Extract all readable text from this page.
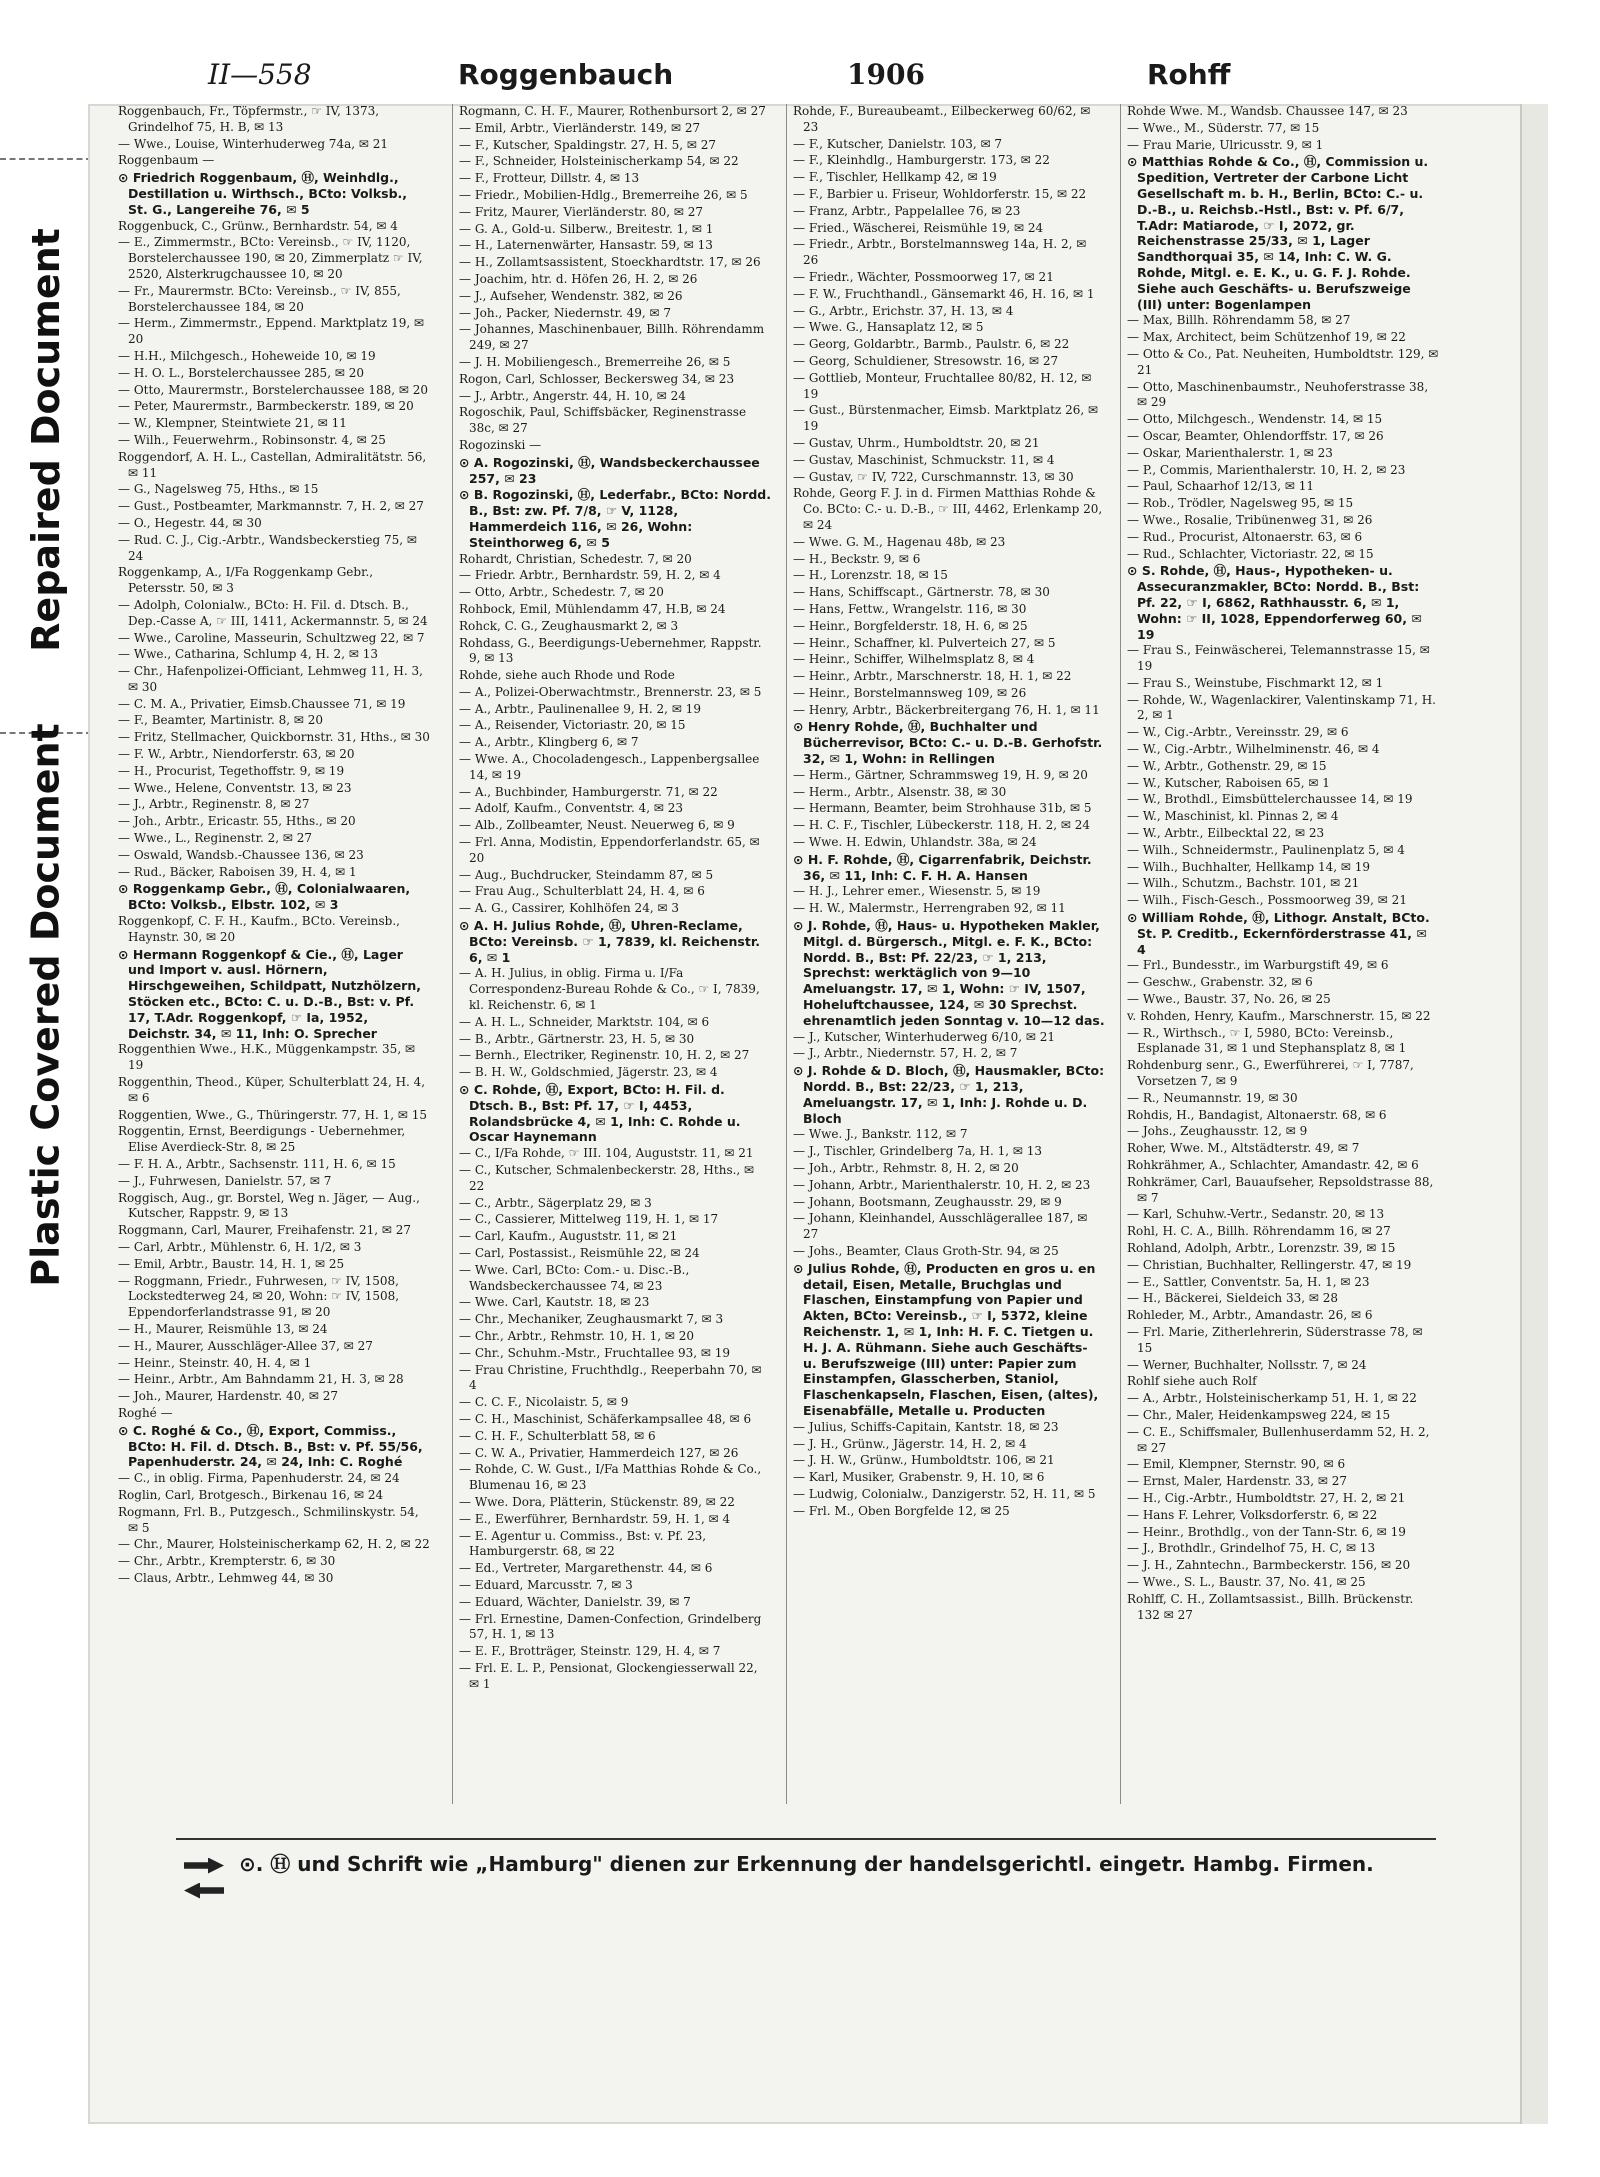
Repaired Document
Plastic Covered Document
II—558	Roggenbauch	1906	Rohff
Roggenbauch, Fr., Töpfermstr., ☞ IV, 1373, Grindelhof 75, H. B, ✉ 13
— Wwe., Louise, Winterhuderweg 74a, ✉ 21
Roggenbaum —
⊙ Friedrich Roggenbaum, Ⓗ, Weinhdlg., Destillation u. Wirthsch., BCto: Volksb., St. G., Langereihe 76, ✉ 5
Roggenbuck, C., Grünw., Bernhardstr. 54, ✉ 4
— E., Zimmermstr., BCto: Vereinsb., ☞ IV, 1120, Borstelerchaussee 190, ✉ 20, Zimmerplatz ☞ IV, 2520, Alsterkrugchaussee 10, ✉ 20
— Fr., Maurermstr. BCto: Vereinsb., ☞ IV, 855, Borstelerchaussee 184, ✉ 20
— Herm., Zimmermstr., Eppend. Marktplatz 19, ✉ 20
— H.H., Milchgesch., Hoheweide 10, ✉ 19
— H. O. L., Borstelerchaussee 285, ✉ 20
— Otto, Maurermstr., Borstelerchaussee 188, ✉ 20
— Peter, Maurermstr., Barmbeckerstr. 189, ✉ 20
— W., Klempner, Steintwiete 21, ✉ 11
— Wilh., Feuerwehrm., Robinsonstr. 4, ✉ 25
Roggendorf, A. H. L., Castellan, Admiralitätstr. 56, ✉ 11
— G., Nagelsweg 75, Hths., ✉ 15
— Gust., Postbeamter, Markmannstr. 7, H. 2, ✉ 27
— O., Hegestr. 44, ✉ 30
— Rud. C. J., Cig.-Arbtr., Wandsbeckerstieg 75, ✉ 24
Roggenkamp, A., I/Fa Roggenkamp Gebr., Petersstr. 50, ✉ 3
— Adolph, Colonialw., BCto: H. Fil. d. Dtsch. B., Dep.-Casse A, ☞ III, 1411, Ackermannstr. 5, ✉ 24
— Wwe., Caroline, Masseurin, Schultzweg 22, ✉ 7
— Wwe., Catharina, Schlump 4, H. 2, ✉ 13
— Chr., Hafenpolizei-Officiant, Lehmweg 11, H. 3, ✉ 30
— C. M. A., Privatier, Eimsb.Chaussee 71, ✉ 19
— F., Beamter, Martinistr. 8, ✉ 20
— Fritz, Stellmacher, Quickbornstr. 31, Hths., ✉ 30
— F. W., Arbtr., Niendorferstr. 63, ✉ 20
— H., Procurist, Tegethoffstr. 9, ✉ 19
— Wwe., Helene, Conventstr. 13, ✉ 23
— J., Arbtr., Reginenstr. 8, ✉ 27
— Joh., Arbtr., Ericastr. 55, Hths., ✉ 20
— Wwe., L., Reginenstr. 2, ✉ 27
— Oswald, Wandsb.-Chaussee 136, ✉ 23
— Rud., Bäcker, Raboisen 39, H. 4, ✉ 1
⊙ Roggenkamp Gebr., Ⓗ, Colonialwaaren, BCto: Volksb., Elbstr. 102, ✉ 3
Roggenkopf, C. F. H., Kaufm., BCto. Vereinsb., Haynstr. 30, ✉ 20
⊙ Hermann Roggenkopf & Cie., Ⓗ, Lager und Import v. ausl. Hörnern, Hirschgeweihen, Schildpatt, Nutzhölzern, Stöcken etc., BCto: C. u. D.-B., Bst: v. Pf. 17, T.Adr. Roggenkopf, ☞ Ia, 1952, Deichstr. 34, ✉ 11, Inh: O. Sprecher
Roggenthien Wwe., H.K., Müggenkampstr. 35, ✉ 19
Roggenthin, Theod., Küper, Schulterblatt 24, H. 4, ✉ 6
Roggentien, Wwe., G., Thüringerstr. 77, H. 1, ✉ 15
Roggentin, Ernst, Beerdigungs - Uebernehmer, Elise Averdieck-Str. 8, ✉ 25
— F. H. A., Arbtr., Sachsenstr. 111, H. 6, ✉ 15
— J., Fuhrwesen, Danielstr. 57, ✉ 7
Roggisch, Aug., gr. Borstel, Weg n. Jäger, — Aug., Kutscher, Rappstr. 9, ✉ 13
Roggmann, Carl, Maurer, Freihafenstr. 21, ✉ 27
— Carl, Arbtr., Mühlenstr. 6, H. 1/2, ✉ 3
— Emil, Arbtr., Baustr. 14, H. 1, ✉ 25
— Roggmann, Friedr., Fuhrwesen, ☞ IV, 1508, Lockstedterweg 24, ✉ 20, Wohn: ☞ IV, 1508, Eppendorferlandstrasse 91, ✉ 20
— H., Maurer, Reismühle 13, ✉ 24
— H., Maurer, Ausschläger-Allee 37, ✉ 27
— Heinr., Steinstr. 40, H. 4, ✉ 1
— Heinr., Arbtr., Am Bahndamm 21, H. 3, ✉ 28
— Joh., Maurer, Hardenstr. 40, ✉ 27
Roghé —
⊙ C. Roghé & Co., Ⓗ, Export, Commiss., BCto: H. Fil. d. Dtsch. B., Bst: v. Pf. 55/56, Papenhuderstr. 24, ✉ 24, Inh: C. Roghé
— C., in oblig. Firma, Papenhuderstr. 24, ✉ 24
Roglin, Carl, Brotgesch., Birkenau 16, ✉ 24
Rogmann, Frl. B., Putzgesch., Schmilinskystr. 54, ✉ 5
— Chr., Maurer, Holsteinischerkamp 62, H. 2, ✉ 22
— Chr., Arbtr., Krempterstr. 6, ✉ 30
— Claus, Arbtr., Lehmweg 44, ✉ 30
Rogmann, C. H. F., Maurer, Rothenbursort 2, ✉ 27
— Emil, Arbtr., Vierländerstr. 149, ✉ 27
— F., Kutscher, Spaldingstr. 27, H. 5, ✉ 27
— F., Schneider, Holsteinischerkamp 54, ✉ 22
— F., Frotteur, Dillstr. 4, ✉ 13
— Friedr., Mobilien-Hdlg., Bremerreihe 26, ✉ 5
— Fritz, Maurer, Vierländerstr. 80, ✉ 27
— G. A., Gold-u. Silberw., Breitestr. 1, ✉ 1
— H., Laternenwärter, Hansastr. 59, ✉ 13
— H., Zollamtsassistent, Stoeckhardtstr. 17, ✉ 26
— Joachim, htr. d. Höfen 26, H. 2, ✉ 26
— J., Aufseher, Wendenstr. 382, ✉ 26
— Joh., Packer, Niedernstr. 49, ✉ 7
— Johannes, Maschinenbauer, Billh. Röhrendamm 249, ✉ 27
— J. H. Mobiliengesch., Bremerreihe 26, ✉ 5
Rogon, Carl, Schlosser, Beckersweg 34, ✉ 23
— J., Arbtr., Angerstr. 44, H. 10, ✉ 24
Rogoschik, Paul, Schiffsbäcker, Reginenstrasse 38c, ✉ 27
Rogozinski —
⊙ A. Rogozinski, Ⓗ, Wandsbeckerchaussee 257, ✉ 23
⊙ B. Rogozinski, Ⓗ, Lederfabr., BCto: Nordd. B., Bst: zw. Pf. 7/8, ☞ V, 1128, Hammerdeich 116, ✉ 26, Wohn: Steinthorweg 6, ✉ 5
Rohardt, Christian, Schedestr. 7, ✉ 20
— Friedr. Arbtr., Bernhardstr. 59, H. 2, ✉ 4
— Otto, Arbtr., Schedestr. 7, ✉ 20
Rohbock, Emil, Mühlendamm 47, H.B, ✉ 24
Rohck, C. G., Zeughausmarkt 2, ✉ 3
Rohdass, G., Beerdigungs-Uebernehmer, Rappstr. 9, ✉ 13
Rohde, siehe auch Rhode und Rode
— A., Polizei-Oberwachtmstr., Brennerstr. 23, ✉ 5
— A., Arbtr., Paulinenallee 9, H. 2, ✉ 19
— A., Reisender, Victoriastr. 20, ✉ 15
— A., Arbtr., Klingberg 6, ✉ 7
— Wwe. A., Chocoladengesch., Lappenbergsallee 14, ✉ 19
— A., Buchbinder, Hamburgerstr. 71, ✉ 22
— Adolf, Kaufm., Conventstr. 4, ✉ 23
— Alb., Zollbeamter, Neust. Neuerweg 6, ✉ 9
— Frl. Anna, Modistin, Eppendorferlandstr. 65, ✉ 20
— Aug., Buchdrucker, Steindamm 87, ✉ 5
— Frau Aug., Schulterblatt 24, H. 4, ✉ 6
— A. G., Cassirer, Kohlhöfen 24, ✉ 3
⊙ A. H. Julius Rohde, Ⓗ, Uhren-Reclame, BCto: Vereinsb. ☞ 1, 7839, kl. Reichenstr. 6, ✉ 1
— A. H. Julius, in oblig. Firma u. I/Fa Correspondenz-Bureau Rohde & Co., ☞ I, 7839, kl. Reichenstr. 6, ✉ 1
— A. H. L., Schneider, Marktstr. 104, ✉ 6
— B., Arbtr., Gärtnerstr. 23, H. 5, ✉ 30
— Bernh., Electriker, Reginenstr. 10, H. 2, ✉ 27
— B. H. W., Goldschmied, Jägerstr. 23, ✉ 4
⊙ C. Rohde, Ⓗ, Export, BCto: H. Fil. d. Dtsch. B., Bst: Pf. 17, ☞ I, 4453, Rolandsbrücke 4, ✉ 1, Inh: C. Rohde u. Oscar Haynemann
— C., I/Fa Rohde, ☞ III. 104, Auguststr. 11, ✉ 21
— C., Kutscher, Schmalenbeckerstr. 28, Hths., ✉ 22
— C., Arbtr., Sägerplatz 29, ✉ 3
— C., Cassierer, Mittelweg 119, H. 1, ✉ 17
— Carl, Kaufm., Auguststr. 11, ✉ 21
— Carl, Postassist., Reismühle 22, ✉ 24
— Wwe. Carl, BCto: Com.- u. Disc.-B., Wandsbeckerchaussee 74, ✉ 23
— Wwe. Carl, Kautstr. 18, ✉ 23
— Chr., Mechaniker, Zeughausmarkt 7, ✉ 3
— Chr., Arbtr., Rehmstr. 10, H. 1, ✉ 20
— Chr., Schuhm.-Mstr., Fruchtallee 93, ✉ 19
— Frau Christine, Fruchthdlg., Reeperbahn 70, ✉ 4
— C. C. F., Nicolaistr. 5, ✉ 9
— C. H., Maschinist, Schäferkampsallee 48, ✉ 6
— C. H. F., Schulterblatt 58, ✉ 6
— C. W. A., Privatier, Hammerdeich 127, ✉ 26
— Rohde, C. W. Gust., I/Fa Matthias Rohde & Co., Blumenau 16, ✉ 23
— Wwe. Dora, Plätterin, Stückenstr. 89, ✉ 22
— E., Ewerführer, Bernhardstr. 59, H. 1, ✉ 4
— E. Agentur u. Commiss., Bst: v. Pf. 23, Hamburgerstr. 68, ✉ 22
— Ed., Vertreter, Margarethenstr. 44, ✉ 6
— Eduard, Marcusstr. 7, ✉ 3
— Eduard, Wächter, Danielstr. 39, ✉ 7
— Frl. Ernestine, Damen-Confection, Grindelberg 57, H. 1, ✉ 13
— E. F., Brotträger, Steinstr. 129, H. 4, ✉ 7
— Frl. E. L. P., Pensionat, Glockengiesserwall 22, ✉ 1
Rohde, F., Bureaubeamt., Eilbeckerweg 60/62, ✉ 23
— F., Kutscher, Danielstr. 103, ✉ 7
— F., Kleinhdlg., Hamburgerstr. 173, ✉ 22
— F., Tischler, Hellkamp 42, ✉ 19
— F., Barbier u. Friseur, Wohldorferstr. 15, ✉ 22
— Franz, Arbtr., Pappelallee 76, ✉ 23
— Fried., Wäscherei, Reismühle 19, ✉ 24
— Friedr., Arbtr., Borstelmannsweg 14a, H. 2, ✉ 26
— Friedr., Wächter, Possmoorweg 17, ✉ 21
— F. W., Fruchthandl., Gänsemarkt 46, H. 16, ✉ 1
— G., Arbtr., Erichstr. 37, H. 13, ✉ 4
— Wwe. G., Hansaplatz 12, ✉ 5
— Georg, Goldarbtr., Barmb., Paulstr. 6, ✉ 22
— Georg, Schuldiener, Stresowstr. 16, ✉ 27
— Gottlieb, Monteur, Fruchtallee 80/82, H. 12, ✉ 19
— Gust., Bürstenmacher, Eimsb. Marktplatz 26, ✉ 19
— Gustav, Uhrm., Humboldtstr. 20, ✉ 21
— Gustav, Maschinist, Schmuckstr. 11, ✉ 4
— Gustav, ☞ IV, 722, Curschmannstr. 13, ✉ 30
Rohde, Georg F. J. in d. Firmen Matthias Rohde & Co. BCto: C.- u. D.-B., ☞ III, 4462, Erlenkamp 20, ✉ 24
— Wwe. G. M., Hagenau 48b, ✉ 23
— H., Beckstr. 9, ✉ 6
— H., Lorenzstr. 18, ✉ 15
— Hans, Schiffscapt., Gärtnerstr. 78, ✉ 30
— Hans, Fettw., Wrangelstr. 116, ✉ 30
— Heinr., Borgfelderstr. 18, H. 6, ✉ 25
— Heinr., Schaffner, kl. Pulverteich 27, ✉ 5
— Heinr., Schiffer, Wilhelmsplatz 8, ✉ 4
— Heinr., Arbtr., Marschnerstr. 18, H. 1, ✉ 22
— Heinr., Borstelmannsweg 109, ✉ 26
— Henry, Arbtr., Bäckerbreitergang 76, H. 1, ✉ 11
⊙ Henry Rohde, Ⓗ, Buchhalter und Bücherrevisor, BCto: C.- u. D.-B. Gerhofstr. 32, ✉ 1, Wohn: in Rellingen
— Herm., Gärtner, Schrammsweg 19, H. 9, ✉ 20
— Herm., Arbtr., Alsenstr. 38, ✉ 30
— Hermann, Beamter, beim Strohhause 31b, ✉ 5
— H. C. F., Tischler, Lübeckerstr. 118, H. 2, ✉ 24
— Wwe. H. Edwin, Uhlandstr. 38a, ✉ 24
⊙ H. F. Rohde, Ⓗ, Cigarrenfabrik, Deichstr. 36, ✉ 11, Inh: C. F. H. A. Hansen
— H. J., Lehrer emer., Wiesenstr. 5, ✉ 19
— H. W., Malermstr., Herrengraben 92, ✉ 11
⊙ J. Rohde, Ⓗ, Haus- u. Hypotheken Makler, Mitgl. d. Bürgersch., Mitgl. e. F. K., BCto: Nordd. B., Bst: Pf. 22/23, ☞ 1, 213, Sprechst: werktäglich von 9—10 Ameluangstr. 17, ✉ 1, Wohn: ☞ IV, 1507, Hoheluftchaussee, 124, ✉ 30 Sprechst. ehrenamtlich jeden Sonntag v. 10—12 das.
— J., Kutscher, Winterhuderweg 6/10, ✉ 21
— J., Arbtr., Niedernstr. 57, H. 2, ✉ 7
⊙ J. Rohde & D. Bloch, Ⓗ, Hausmakler, BCto: Nordd. B., Bst: 22/23, ☞ 1, 213, Ameluangstr. 17, ✉ 1, Inh: J. Rohde u. D. Bloch
— Wwe. J., Bankstr. 112, ✉ 7
— J., Tischler, Grindelberg 7a, H. 1, ✉ 13
— Joh., Arbtr., Rehmstr. 8, H. 2, ✉ 20
— Johann, Arbtr., Marienthalerstr. 10, H. 2, ✉ 23
— Johann, Bootsmann, Zeughausstr. 29, ✉ 9
— Johann, Kleinhandel, Ausschlägerallee 187, ✉ 27
— Johs., Beamter, Claus Groth-Str. 94, ✉ 25
⊙ Julius Rohde, Ⓗ, Producten en gros u. en detail, Eisen, Metalle, Bruchglas und Flaschen, Einstampfung von Papier und Akten, BCto: Vereinsb., ☞ I, 5372, kleine Reichenstr. 1, ✉ 1, Inh: H. F. C. Tietgen u. H. J. A. Rühmann. Siehe auch Geschäfts- u. Berufszweige (III) unter: Papier zum Einstampfen, Glasscherben, Staniol, Flaschenkapseln, Flaschen, Eisen, (altes), Eisenabfälle, Metalle u. Producten
— Julius, Schiffs-Capitain, Kantstr. 18, ✉ 23
— J. H., Grünw., Jägerstr. 14, H. 2, ✉ 4
— J. H. W., Grünw., Humboldtstr. 106, ✉ 21
— Karl, Musiker, Grabenstr. 9, H. 10, ✉ 6
— Ludwig, Colonialw., Danzigerstr. 52, H. 11, ✉ 5
— Frl. M., Oben Borgfelde 12, ✉ 25
Rohde Wwe. M., Wandsb. Chaussee 147, ✉ 23
— Wwe., M., Süderstr. 77, ✉ 15
— Frau Marie, Ulricusstr. 9, ✉ 1
⊙ Matthias Rohde & Co., Ⓗ, Commission u. Spedition, Vertreter der Carbone Licht Gesellschaft m. b. H., Berlin, BCto: C.- u. D.-B., u. Reichsb.-Hstl., Bst: v. Pf. 6/7, T.Adr: Matiarode, ☞ I, 2072, gr. Reichenstrasse 25/33, ✉ 1, Lager Sandthorquai 35, ✉ 14, Inh: C. W. G. Rohde, Mitgl. e. E. K., u. G. F. J. Rohde. Siehe auch Geschäfts- u. Berufszweige (III) unter: Bogenlampen
— Max, Billh. Röhrendamm 58, ✉ 27
— Max, Architect, beim Schützenhof 19, ✉ 22
— Otto & Co., Pat. Neuheiten, Humboldtstr. 129, ✉ 21
— Otto, Maschinenbaumstr., Neuhoferstrasse 38, ✉ 29
— Otto, Milchgesch., Wendenstr. 14, ✉ 15
— Oscar, Beamter, Ohlendorffstr. 17, ✉ 26
— Oskar, Marienthalerstr. 1, ✉ 23
— P., Commis, Marienthalerstr. 10, H. 2, ✉ 23
— Paul, Schaarhof 12/13, ✉ 11
— Rob., Trödler, Nagelsweg 95, ✉ 15
— Wwe., Rosalie, Tribünenweg 31, ✉ 26
— Rud., Procurist, Altonaerstr. 63, ✉ 6
— Rud., Schlachter, Victoriastr. 22, ✉ 15
⊙ S. Rohde, Ⓗ, Haus-, Hypotheken- u. Assecuranzmakler, BCto: Nordd. B., Bst: Pf. 22, ☞ I, 6862, Rathhausstr. 6, ✉ 1, Wohn: ☞ II, 1028, Eppendorferweg 60, ✉ 19
— Frau S., Feinwäscherei, Telemannstrasse 15, ✉ 19
— Frau S., Weinstube, Fischmarkt 12, ✉ 1
— Rohde, W., Wagenlackirer, Valentinskamp 71, H. 2, ✉ 1
— W., Cig.-Arbtr., Vereinsstr. 29, ✉ 6
— W., Cig.-Arbtr., Wilhelminenstr. 46, ✉ 4
— W., Arbtr., Gothenstr. 29, ✉ 15
— W., Kutscher, Raboisen 65, ✉ 1
— W., Brothdl., Eimsbüttelerchaussee 14, ✉ 19
— W., Maschinist, kl. Pinnas 2, ✉ 4
— W., Arbtr., Eilbecktal 22, ✉ 23
— Wilh., Schneidermstr., Paulinenplatz 5, ✉ 4
— Wilh., Buchhalter, Hellkamp 14, ✉ 19
— Wilh., Schutzm., Bachstr. 101, ✉ 21
— Wilh., Fisch-Gesch., Possmoorweg 39, ✉ 21
⊙ William Rohde, Ⓗ, Lithogr. Anstalt, BCto. St. P. Creditb., Eckernförderstrasse 41, ✉ 4
— Frl., Bundesstr., im Warburgstift 49, ✉ 6
— Geschw., Grabenstr. 32, ✉ 6
— Wwe., Baustr. 37, No. 26, ✉ 25
v. Rohden, Henry, Kaufm., Marschnerstr. 15, ✉ 22
— R., Wirthsch., ☞ I, 5980, BCto: Vereinsb., Esplanade 31, ✉ 1 und Stephansplatz 8, ✉ 1
Rohdenburg senr., G., Ewerführerei, ☞ I, 7787, Vorsetzen 7, ✉ 9
— R., Neumannstr. 19, ✉ 30
Rohdis, H., Bandagist, Altonaerstr. 68, ✉ 6
— Johs., Zeughausstr. 12, ✉ 9
Roher, Wwe. M., Altstädterstr. 49, ✉ 7
Rohkrähmer, A., Schlachter, Amandastr. 42, ✉ 6
Rohkrämer, Carl, Bauaufseher, Repsoldstrasse 88, ✉ 7
— Karl, Schuhw.-Vertr., Sedanstr. 20, ✉ 13
Rohl, H. C. A., Billh. Röhrendamm 16, ✉ 27
Rohland, Adolph, Arbtr., Lorenzstr. 39, ✉ 15
— Christian, Buchhalter, Rellingerstr. 47, ✉ 19
— E., Sattler, Conventstr. 5a, H. 1, ✉ 23
— H., Bäckerei, Sieldeich 33, ✉ 28
Rohleder, M., Arbtr., Amandastr. 26, ✉ 6
— Frl. Marie, Zitherlehrerin, Süderstrasse 78, ✉ 15
— Werner, Buchhalter, Nollsstr. 7, ✉ 24
Rohlf siehe auch Rolf
— A., Arbtr., Holsteinischerkamp 51, H. 1, ✉ 22
— Chr., Maler, Heidenkampsweg 224, ✉ 15
— C. E., Schiffsmaler, Bullenhuserdamm 52, H. 2, ✉ 27
— Emil, Klempner, Sternstr. 90, ✉ 6
— Ernst, Maler, Hardenstr. 33, ✉ 27
— H., Cig.-Arbtr., Humboldtstr. 27, H. 2, ✉ 21
— Hans F. Lehrer, Volksdorferstr. 6, ✉ 22
— Heinr., Brothdlg., von der Tann-Str. 6, ✉ 19
— J., Brothdlr., Grindelhof 75, H. C, ✉ 13
— J. H., Zahntechn., Barmbeckerstr. 156, ✉ 20
— Wwe., S. L., Baustr. 37, No. 41, ✉ 25
Rohlff, C. H., Zollamtsassist., Billh. Brückenstr. 132 ✉ 27
⊙. Ⓗ und Schrift wie „Hamburg" dienen zur Erkennung der handelsgerichtl. eingetr. Hambg. Firmen.
